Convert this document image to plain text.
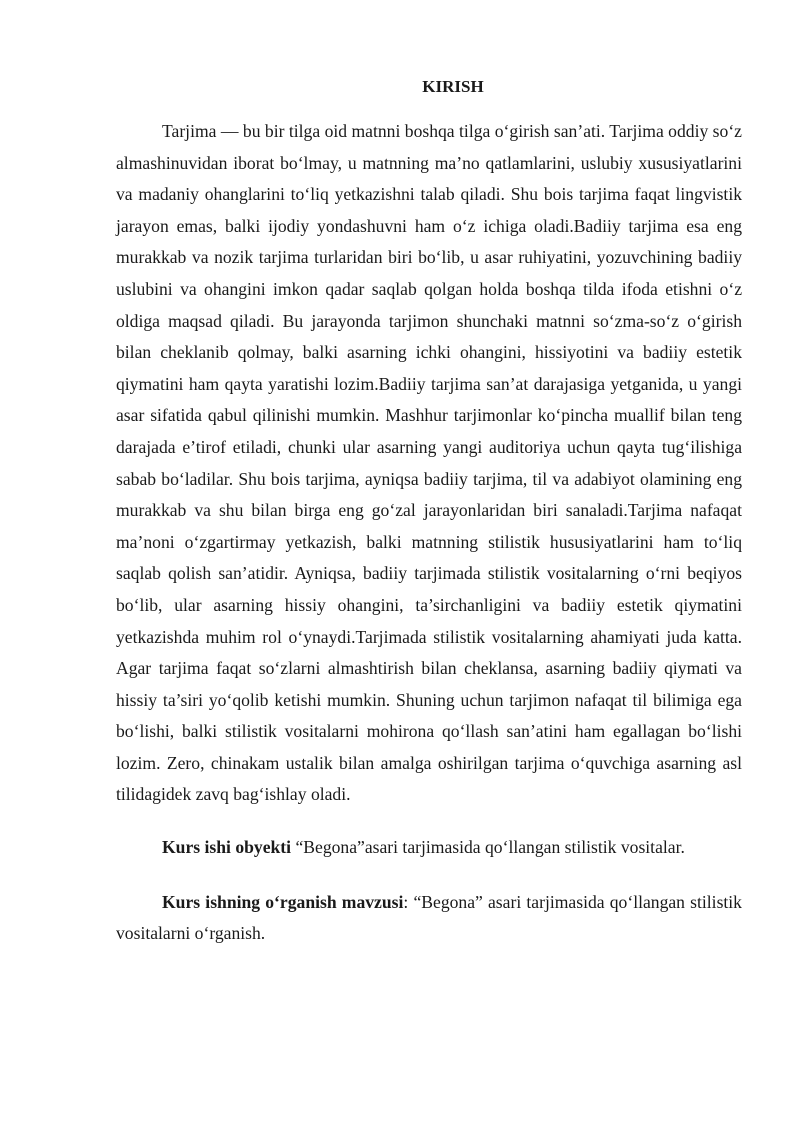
KIRISH

Tarjima — bu bir tilga oid matnni boshqa tilga o‘girish san’ati. Tarjima oddiy so‘z almashinuvidan iborat bo‘lmay, u matnning ma’no qatlamlarini, uslubiy xususiyatlarini va madaniy ohanglarini to‘liq yetkazishni talab qiladi. Shu bois tarjima faqat lingvistik jarayon emas, balki ijodiy yondashuvni ham o‘z ichiga oladi.Badiiy tarjima esa eng murakkab va nozik tarjima turlaridan biri bo‘lib, u asar ruhiyatini, yozuvchining badiiy uslubini va ohangini imkon qadar saqlab qolgan holda boshqa tilda ifoda etishni o‘z oldiga maqsad qiladi. Bu jarayonda tarjimon shunchaki matnni so‘zma-so‘z o‘girish bilan cheklanib qolmay, balki asarning ichki ohangini, hissiyotini va badiiy estetik qiymatini ham qayta yaratishi lozim.Badiiy tarjima san’at darajasiga yetganida, u yangi asar sifatida qabul qilinishi mumkin. Mashhur tarjimonlar ko‘pincha muallif bilan teng darajada e’tirof etiladi, chunki ular asarning yangi auditoriya uchun qayta tug‘ilishiga sabab bo‘ladilar. Shu bois tarjima, ayniqsa badiiy tarjima, til va adabiyot olamining eng murakkab va shu bilan birga eng go‘zal jarayonlaridan biri sanaladi.Tarjima nafaqat ma’noni o‘zgartirmay yetkazish, balki matnning stilistik hususiyatlarini ham to‘liq saqlab qolish san’atidir. Ayniqsa, badiiy tarjimada stilistik vositalarning o‘rni beqiyos bo‘lib, ular asarning hissiy ohangini, ta’sirchanligini va badiiy estetik qiymatini yetkazishda muhim rol o‘ynaydi.Tarjimada stilistik vositalarning ahamiyati juda katta. Agar tarjima faqat so‘zlarni almashtirish bilan cheklansa, asarning badiiy qiymati va hissiy ta’siri yo‘qolib ketishi mumkin. Shuning uchun tarjimon nafaqat til bilimiga ega bo‘lishi, balki stilistik vositalarni mohirona qo‘llash san’atini ham egallagan bo‘lishi lozim. Zero, chinakam ustalik bilan amalga oshirilgan tarjima o‘quvchiga asarning asl tilidagidek zavq bag‘ishlay oladi.

Kurs ishi obyekti “Begona”asari tarjimasida qo‘llangan stilistik vositalar.

Kurs ishning o‘rganish mavzusi: “Begona” asari tarjimasida qo‘llangan stilistik vositalarni o‘rganish.
